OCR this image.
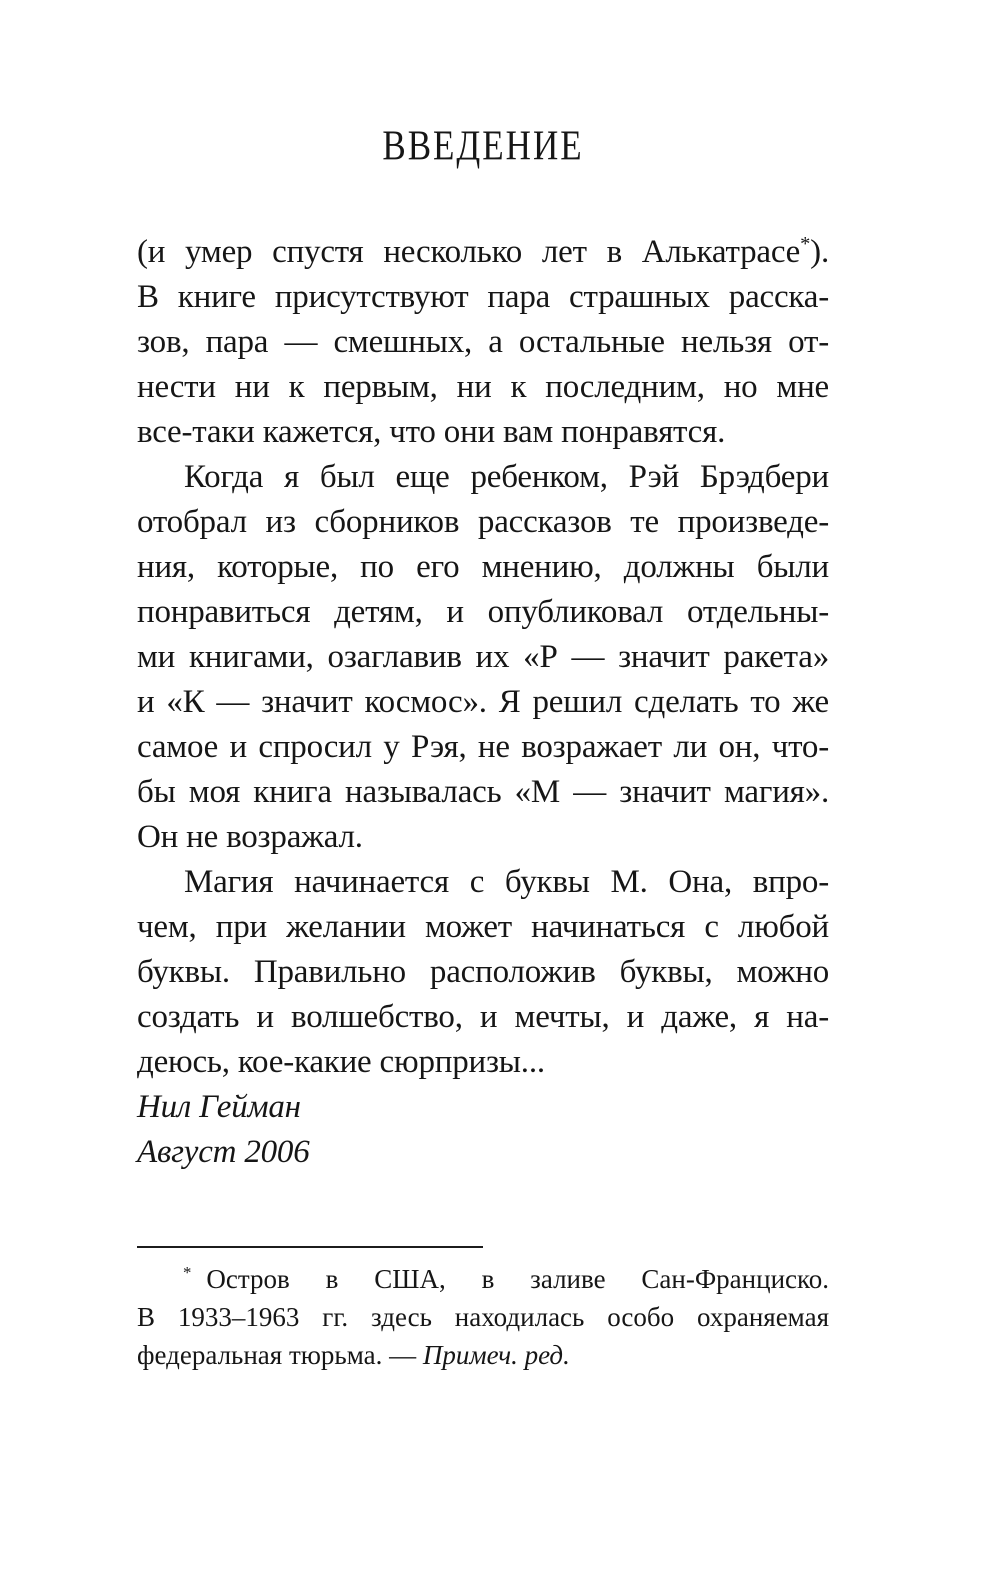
ВВЕДЕНИЕ
(и умер спустя несколько лет в Алькатрасе*).
В книге присутствуют пара страшных расска-
зов, пара — смешных, а остальные нельзя от-
нести ни к первым, ни к последним, но мне
все-таки кажется, что они вам понравятся.
Когда я был еще ребенком, Рэй Брэдбери
отобрал из сборников рассказов те произведе-
ния, которые, по его мнению, должны были
понравиться детям, и опубликовал отдельны-
ми книгами, озаглавив их «Р — значит ракета»
и «К — значит космос». Я решил сделать то же
самое и спросил у Рэя, не возражает ли он, что-
бы моя книга называлась «М — значит магия».
Он не возражал.
Магия начинается с буквы М. Она, впро-
чем, при желании может начинаться с любой
буквы. Правильно расположив буквы, можно
создать и волшебство, и мечты, и даже, я на-
деюсь, кое-какие сюрпризы...
Нил Гейман
Август 2006
* Остров в США, в заливе Сан-Франциско.
В 1933–1963 гг. здесь находилась особо охраняемая
федеральная тюрьма. — Примеч. ред.
